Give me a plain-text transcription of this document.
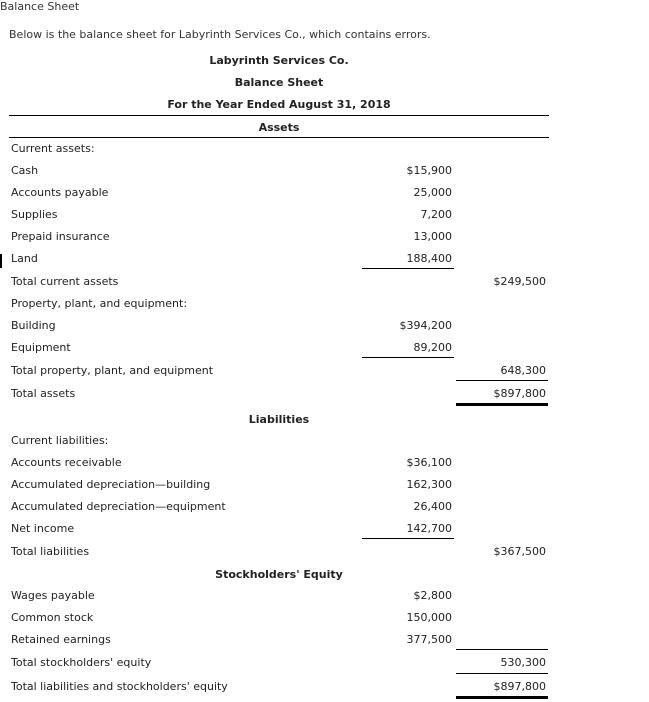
Balance Sheet
Below is the balance sheet for Labyrinth Services Co., which contains errors.
Labyrinth Services Co.
Balance Sheet
For the Year Ended August 31, 2018
Assets
Current assets:
Cash	$15,900
Accounts payable	25,000
Supplies	7,200
Prepaid insurance	13,000
Land	188,400
Total current assets	$249,500
Property, plant, and equipment:
Building	$394,200
Equipment	89,200
Total property, plant, and equipment	648,300
Total assets	$897,800
Liabilities
Current liabilities:
Accounts receivable	$36,100
Accumulated depreciation—building	162,300
Accumulated depreciation—equipment	26,400
Net income	142,700
Total liabilities	$367,500
Stockholders' Equity
Wages payable	$2,800
Common stock	150,000
Retained earnings	377,500
Total stockholders' equity	530,300
Total liabilities and stockholders' equity	$897,800
